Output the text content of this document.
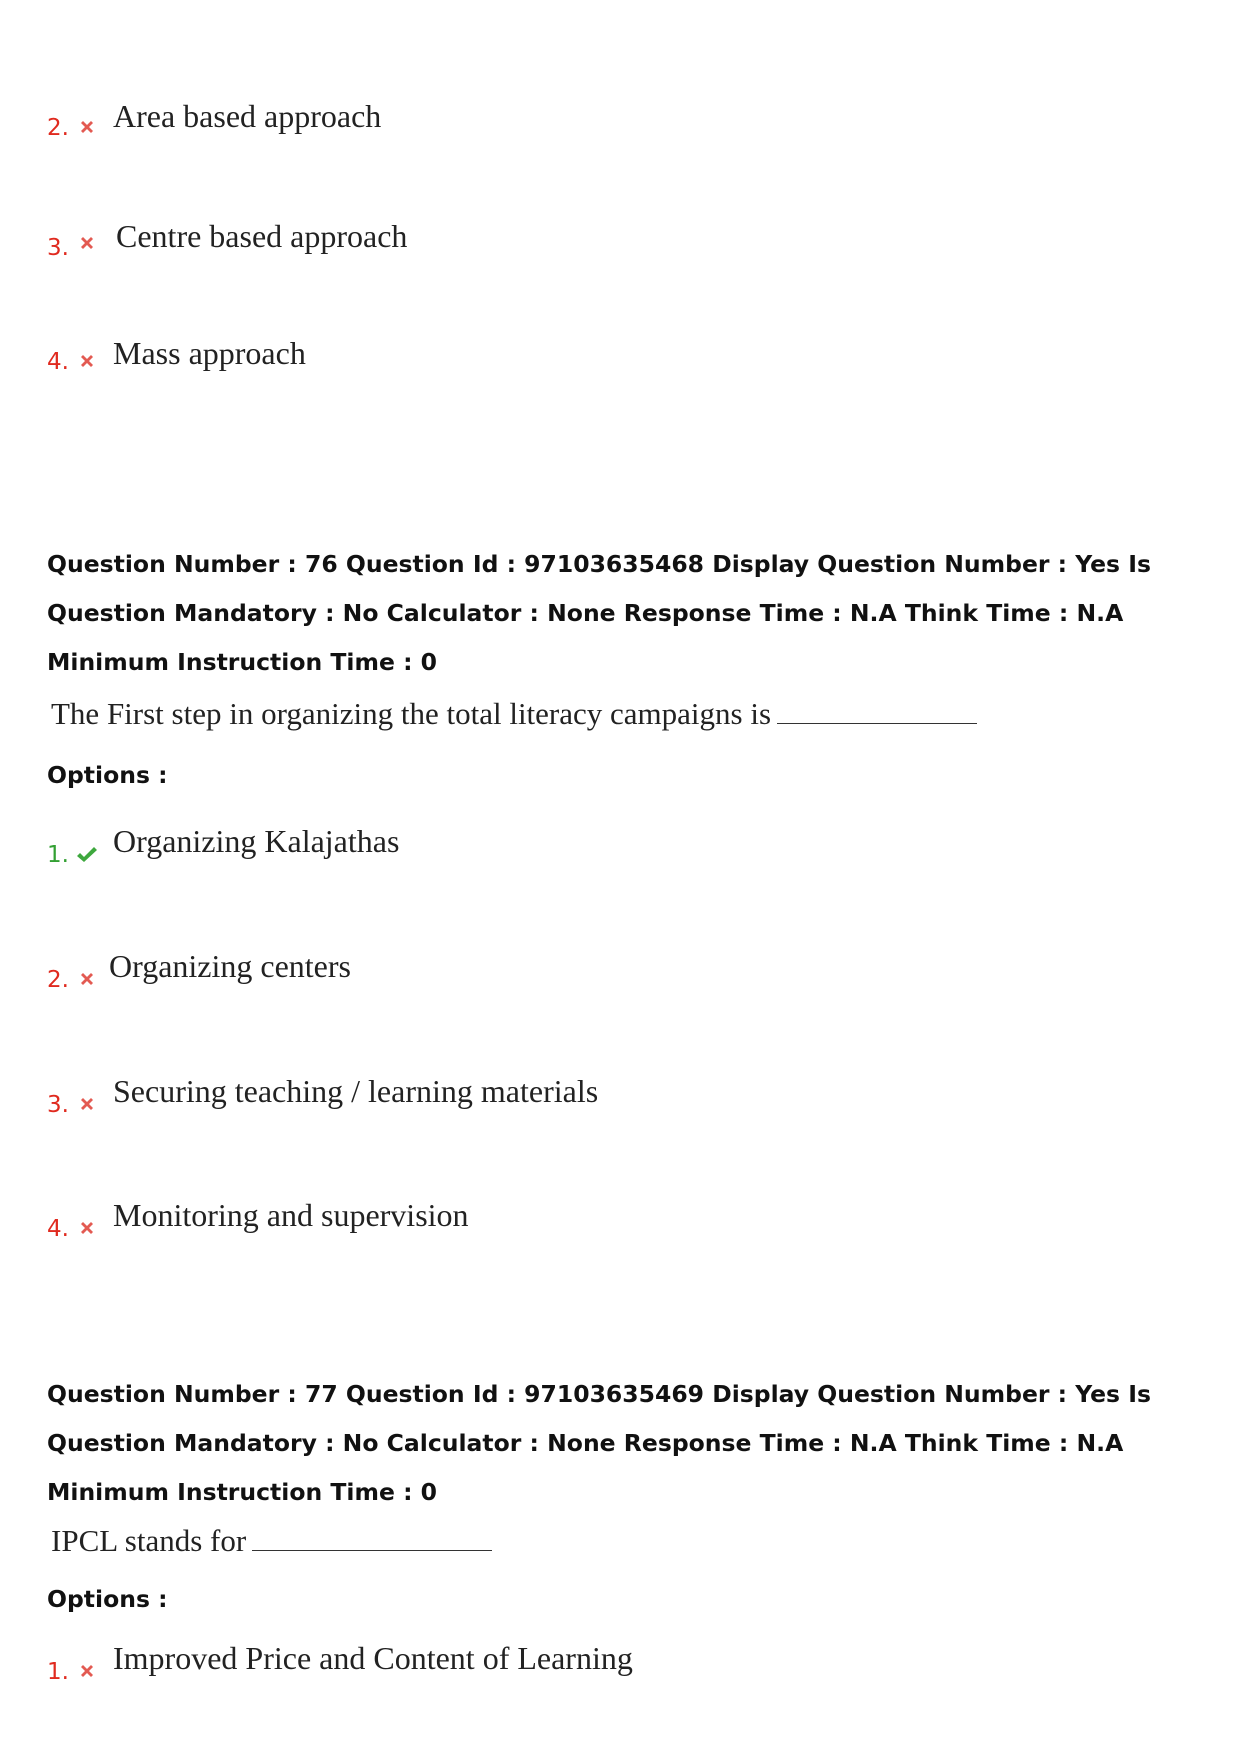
2. Area based approach
3. Centre based approach
4. Mass approach
Question Number : 76 Question Id : 97103635468 Display Question Number : Yes Is Question Mandatory : No Calculator : None Response Time : N.A Think Time : N.A Minimum Instruction Time : 0
The First step in organizing the total literacy campaigns is
Options :
1. Organizing Kalajathas
2. Organizing centers
3. Securing teaching / learning materials
4. Monitoring and supervision
Question Number : 77 Question Id : 97103635469 Display Question Number : Yes Is Question Mandatory : No Calculator : None Response Time : N.A Think Time : N.A Minimum Instruction Time : 0
IPCL stands for
Options :
1. Improved Price and Content of Learning
